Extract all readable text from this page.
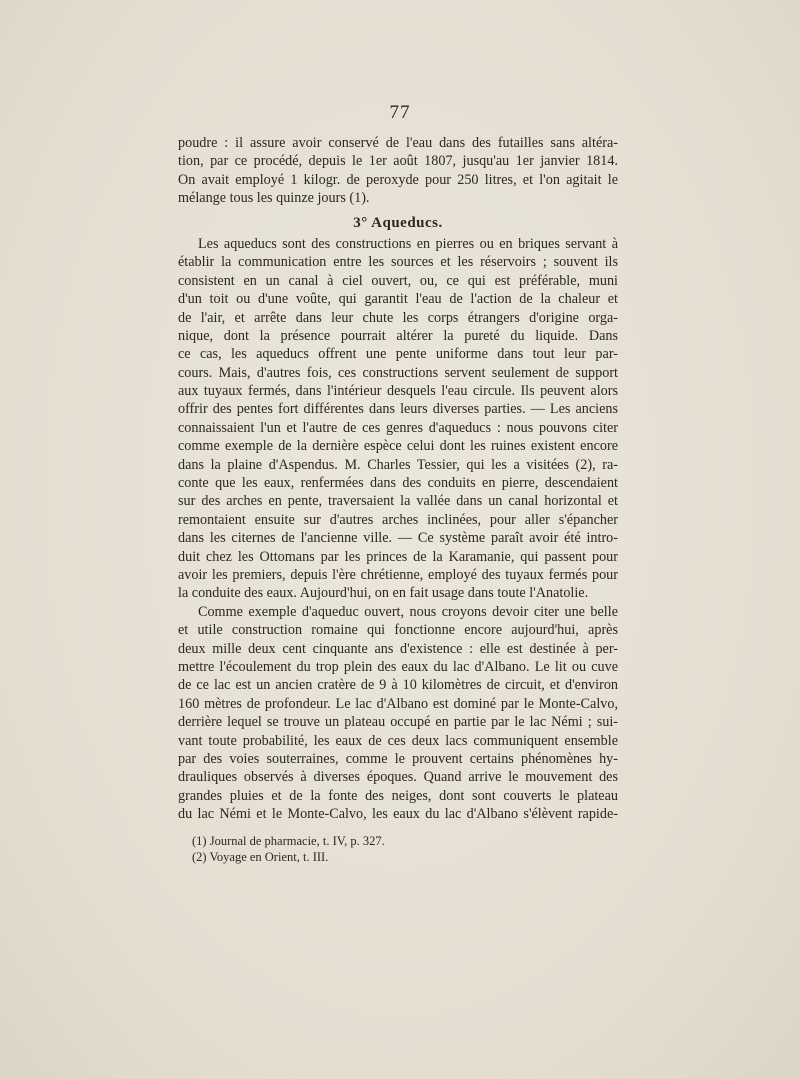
77
poudre : il assure avoir conservé de l'eau dans des futailles sans altéra-
tion, par ce procédé, depuis le 1er août 1807, jusqu'au 1er janvier 1814.
On avait employé 1 kilogr. de peroxyde pour 250 litres, et l'on agitait le
mélange tous les quinze jours (1).
3° Aqueducs.
Les aqueducs sont des constructions en pierres ou en briques servant à
établir la communication entre les sources et les réservoirs ; souvent ils
consistent en un canal à ciel ouvert, ou, ce qui est préférable, muni
d'un toit ou d'une voûte, qui garantit l'eau de l'action de la chaleur et
de l'air, et arrête dans leur chute les corps étrangers d'origine orga-
nique, dont la présence pourrait altérer la pureté du liquide. Dans
ce cas, les aqueducs offrent une pente uniforme dans tout leur par-
cours. Mais, d'autres fois, ces constructions servent seulement de support
aux tuyaux fermés, dans l'intérieur desquels l'eau circule. Ils peuvent alors
offrir des pentes fort différentes dans leurs diverses parties. — Les anciens
connaissaient l'un et l'autre de ces genres d'aqueducs : nous pouvons citer
comme exemple de la dernière espèce celui dont les ruines existent encore
dans la plaine d'Aspendus. M. Charles Tessier, qui les a visitées (2), ra-
conte que les eaux, renfermées dans des conduits en pierre, descendaient
sur des arches en pente, traversaient la vallée dans un canal horizontal et
remontaient ensuite sur d'autres arches inclinées, pour aller s'épancher
dans les citernes de l'ancienne ville. — Ce système paraît avoir été intro-
duit chez les Ottomans par les princes de la Karamanie, qui passent pour
avoir les premiers, depuis l'ère chrétienne, employé des tuyaux fermés pour
la conduite des eaux. Aujourd'hui, on en fait usage dans toute l'Anatolie.
Comme exemple d'aqueduc ouvert, nous croyons devoir citer une belle
et utile construction romaine qui fonctionne encore aujourd'hui, après
deux mille deux cent cinquante ans d'existence : elle est destinée à per-
mettre l'écoulement du trop plein des eaux du lac d'Albano. Le lit ou cuve
de ce lac est un ancien cratère de 9 à 10 kilomètres de circuit, et d'environ
160 mètres de profondeur. Le lac d'Albano est dominé par le Monte-Calvo,
derrière lequel se trouve un plateau occupé en partie par le lac Némi ; sui-
vant toute probabilité, les eaux de ces deux lacs communiquent ensemble
par des voies souterraines, comme le prouvent certains phénomènes hy-
drauliques observés à diverses époques. Quand arrive le mouvement des
grandes pluies et de la fonte des neiges, dont sont couverts le plateau
du lac Némi et le Monte-Calvo, les eaux du lac d'Albano s'élèvent rapide-
(1) Journal de pharmacie, t. IV, p. 327.
(2) Voyage en Orient, t. III.
